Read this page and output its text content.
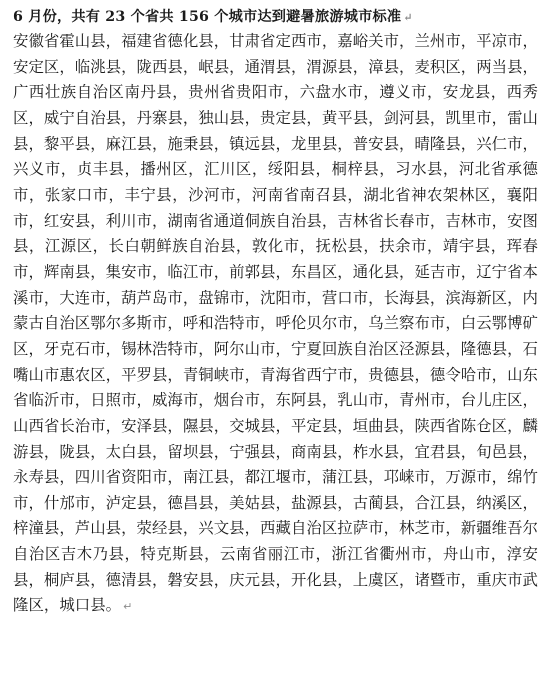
6 月份，共有 23 个省共 156 个城市达到避暑旅游城市标准 ↵

安徽省霍山县，福建省德化县，甘肃省定西市，嘉峪关市，兰州市，平凉市，安定区，临洮县，陇西县，岷县，通渭县，渭源县，漳县，麦积区，两当县，广西壮族自治区南丹县，贵州省贵阳市，六盘水市，遵义市，安龙县，西秀区，威宁自治县，丹寨县，独山县，贵定县，黄平县，剑河县，凯里市，雷山县，黎平县，麻江县，施秉县，镇远县，龙里县，普安县，晴隆县，兴仁市，兴义市，贞丰县，播州区，汇川区，绥阳县，桐梓县，习水县，河北省承德市，张家口市，丰宁县，沙河市，河南省南召县，湖北省神农架林区，襄阳市，红安县，利川市，湖南省通道侗族自治县，吉林省长春市，吉林市，安图县，江源区，长白朝鲜族自治县，敦化市，抚松县，扶余市，靖宇县，珲春市，辉南县，集安市，临江市，前郭县，东昌区，通化县，延吉市，辽宁省本溪市，大连市，葫芦岛市，盘锦市，沈阳市，营口市，长海县，滨海新区，内蒙古自治区鄂尔多斯市，呼和浩特市，呼伦贝尔市，乌兰察布市，白云鄂博矿区，牙克石市，锡林浩特市，阿尔山市，宁夏回族自治区泾源县，隆德县，石嘴山市惠农区，平罗县，青铜峡市，青海省西宁市，贵德县，德令哈市，山东省临沂市，日照市，威海市，烟台市，东阿县，乳山市，青州市，台儿庄区，山西省长治市，安泽县，隰县，交城县，平定县，垣曲县，陕西省陈仓区，麟游县，陇县，太白县，留坝县，宁强县，商南县，柞水县，宜君县，旬邑县，永寿县，四川省资阳市，南江县，都江堰市，蒲江县，邛崃市，万源市，绵竹市，什邡市，泸定县，德昌县，美姑县，盐源县，古蔺县，合江县，纳溪区，梓潼县，芦山县，荥经县，兴文县，西藏自治区拉萨市，林芝市，新疆维吾尔自治区吉木乃县，特克斯县，云南省丽江市，浙江省衢州市，舟山市，淳安县，桐庐县，德清县，磐安县，庆元县，开化县，上虞区，诸暨市，重庆市武隆区，城口县。 ↵
